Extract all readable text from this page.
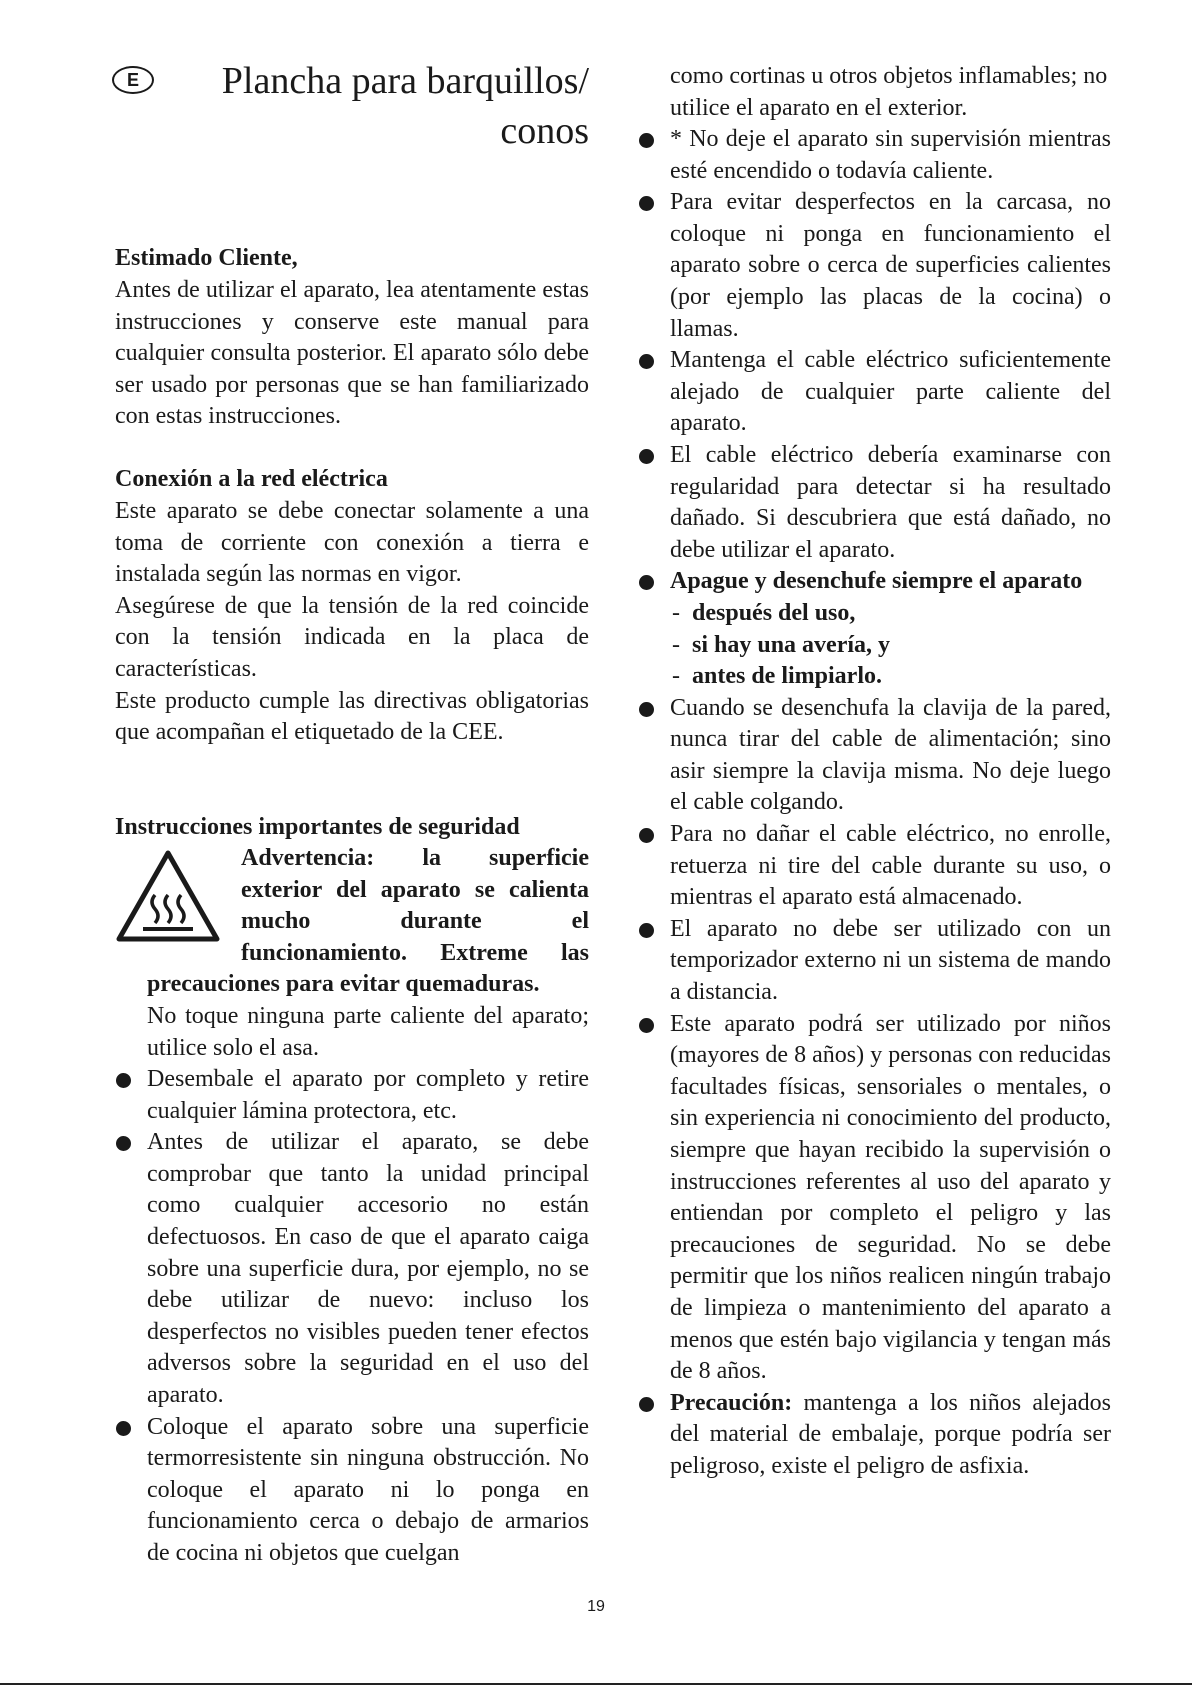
E	Plancha para barquillos/
conos

Estimado Cliente,

Antes de utilizar el aparato, lea atentamente estas instrucciones y conserve este manual para cualquier consulta posterior. El aparato sólo debe ser usado por personas que se han familiarizado con estas instrucciones.

Conexión a la red eléctrica

Este aparato se debe conectar solamente a una toma de corriente con conexión a tierra e instalada según las normas en vigor.

Asegúrese de que la tensión de la red coincide con la tensión indicada en la placa de características.

Este producto cumple las directivas obligatorias que acompañan el etiquetado de la CEE.

Instrucciones importantes de seguridad

Advertencia: la superficie exterior del aparato se calienta mucho durante el funcionamiento. Extreme las precauciones para evitar quemaduras.

No toque ninguna parte caliente del aparato; utilice solo el asa.

Desembale el aparato por completo y retire cualquier lámina protectora, etc.
Antes de utilizar el aparato, se debe comprobar que tanto la unidad principal como cualquier accesorio no están defectuosos. En caso de que el aparato caiga sobre una superficie dura, por ejemplo, no se debe utilizar de nuevo: incluso los desperfectos no visibles pueden tener efectos adversos sobre la seguridad en el uso del aparato.
Coloque el aparato sobre una superficie termorresistente sin ninguna obstrucción. No coloque el aparato ni lo ponga en funcionamiento cerca o debajo de armarios de cocina ni objetos que cuelgan

como cortinas u otros objetos inflamables; no utilice el aparato en el exterior.

* No deje el aparato sin supervisión mientras esté encendido o todavía caliente.
Para evitar desperfectos en la carcasa, no coloque ni ponga en funcionamiento el aparato sobre o cerca de superficies calientes (por ejemplo las placas de la cocina) o llamas.
Mantenga el cable eléctrico suficientemente alejado de cualquier parte caliente del aparato.
El cable eléctrico debería examinarse con regularidad para detectar si ha resultado dañado. Si descubriera que está dañado, no debe utilizar el aparato.
Apague y desenchufe siempre el aparato
- después del uso,
- si hay una avería, y
- antes de limpiarlo.
Cuando se desenchufa la clavija de la pared, nunca tirar del cable de alimentación; sino asir siempre la clavija misma. No deje luego el cable colgando.
Para no dañar el cable eléctrico, no enrolle, retuerza ni tire del cable durante su uso, o mientras el aparato está almacenado.
El aparato no debe ser utilizado con un temporizador externo ni un sistema de mando a distancia.
Este aparato podrá ser utilizado por niños (mayores de 8 años) y personas con reducidas facultades físicas, sensoriales o mentales, o sin experiencia ni conocimiento del producto, siempre que hayan recibido la supervisión o instrucciones referentes al uso del aparato y entiendan por completo el peligro y las precauciones de seguridad. No se debe permitir que los niños realicen ningún trabajo de limpieza o mantenimiento del aparato a menos que estén bajo vigilancia y tengan más de 8 años.
Precaución: mantenga a los niños alejados del material de embalaje, porque podría ser peligroso, existe el peligro de asfixia.
19
